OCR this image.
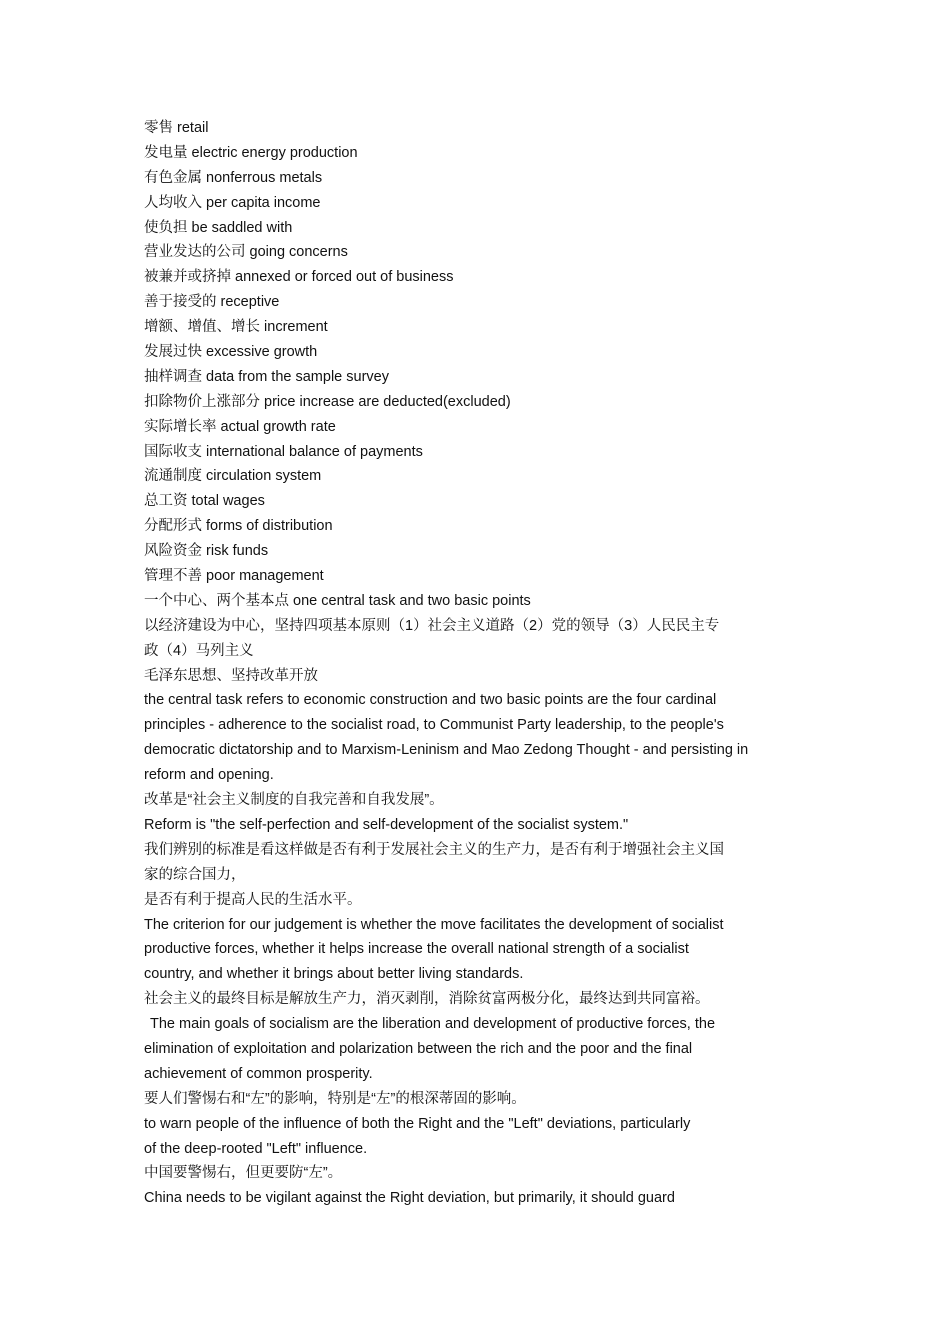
零售 retail
发电量 electric energy production
有色金属 nonferrous metals
人均收入 per capita income
使负担 be saddled with
营业发达的公司 going concerns
被兼并或挤掉 annexed or forced out of business
善于接受的 receptive
增额、增值、增长 increment
发展过快 excessive growth
抽样调查 data from the sample survey
扣除物价上涨部分 price increase are deducted(excluded)
实际增长率 actual growth rate
国际收支 international balance of payments
流通制度 circulation system
总工资 total wages
分配形式 forms of distribution
风险资金 risk funds
管理不善 poor management
一个中心、两个基本点 one central task and two basic points
以经济建设为中心，坚持四项基本原则（1）社会主义道路（2）党的领导（3）人民民主专
政（4）马列主义
毛泽东思想、坚持改革开放
the central task refers to economic construction and two basic points are the four cardinal
principles - adherence to the socialist road, to Communist Party leadership, to the people's
democratic dictatorship and to Marxism-Leninism and Mao Zedong Thought - and persisting in
reform and opening.
改革是“社会主义制度的自我完善和自我发展”。
Reform is "the self-perfection and self-development of the socialist system."
我们辨别的标准是看这样做是否有利于发展社会主义的生产力，是否有利于增强社会主义国
家的综合国力，
是否有利于提高人民的生活水平。
The criterion for our judgement is whether the move facilitates the development of socialist
productive forces, whether it helps increase the overall national strength of a socialist
country, and whether it brings about better living standards.
社会主义的最终目标是解放生产力，消灭剥削，消除贫富两极分化，最终达到共同富裕。
The main goals of socialism are the liberation and development of productive forces, the
elimination of exploitation and polarization between the rich and the poor and the final
achievement of common prosperity.
要人们警惕右和“左”的影响，特别是“左”的根深蒂固的影响。
to warn people of the influence of both the Right and the "Left" deviations, particularly
of the deep-rooted "Left" influence.
中国要警惕右，但更要防“左”。
China needs to be vigilant against the Right deviation, but primarily, it should guard
